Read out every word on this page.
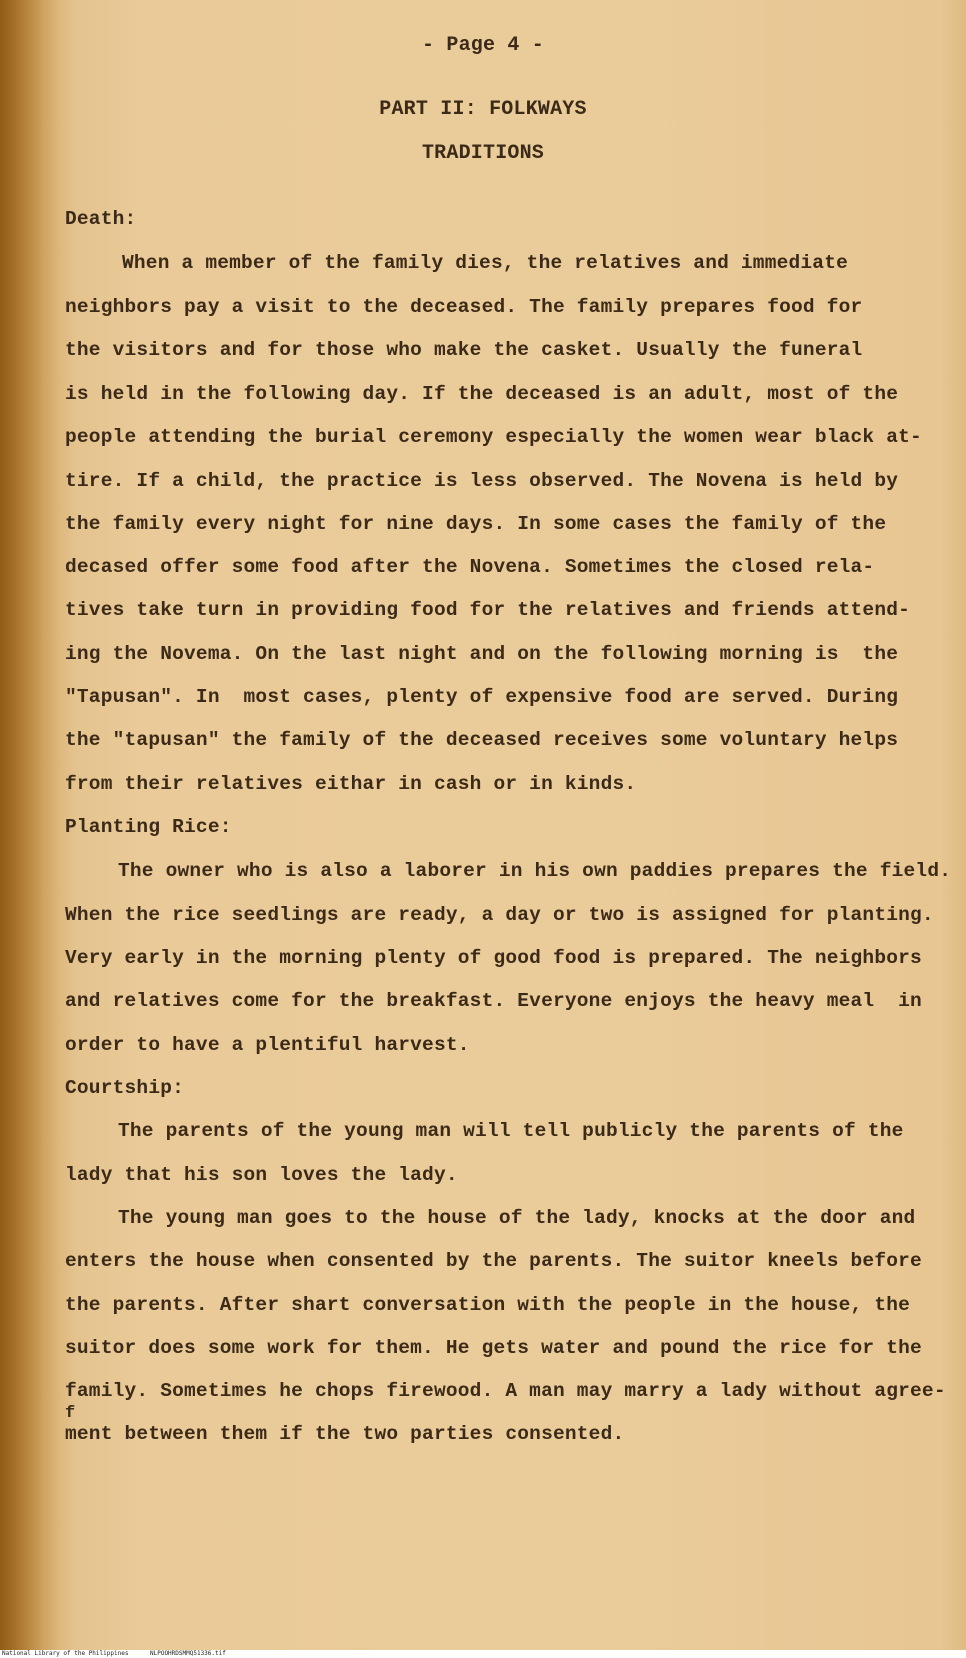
- Page 4 -
PART II: FOLKWAYS
TRADITIONS
Death:
When a member of the family dies, the relatives and immediate
neighbors pay a visit to the deceased. The family prepares food for
the visitors and for those who make the casket. Usually the funeral
is held in the following day. If the deceased is an adult, most of the
people attending the burial ceremony especially the women wear black at-
tire. If a child, the practice is less observed. The Novena is held by
the family every night for nine days. In some cases the family of the
decased offer some food after the Novena. Sometimes the closed rela-
tives take turn in providing food for the relatives and friends attend-
ing the Novema. On the last night and on the following morning is  the
"Tapusan". In  most cases, plenty of expensive food are served. During
the "tapusan" the family of the deceased receives some voluntary helps
from their relatives eithar in cash or in kinds.
Planting Rice:
The owner who is also a laborer in his own paddies prepares the field.
When the rice seedlings are ready, a day or two is assigned for planting.
Very early in the morning plenty of good food is prepared. The neighbors
and relatives come for the breakfast. Everyone enjoys the heavy meal  in
order to have a plentiful harvest.
Courtship:
The parents of the young man will tell publicly the parents of the
lady that his son loves the lady.
The young man goes to the house of the lady, knocks at the door and
enters the house when consented by the parents. The suitor kneels before
the parents. After shart conversation with the people in the house, the
suitor does some work for them. He gets water and pound the rice for the
family. Sometimes he chops firewood. A man may marry a lady without agree-
f
ment between them if the two parties consented.
National Library of the Philippines	NLPOOHRDSMMQ51336.tif
